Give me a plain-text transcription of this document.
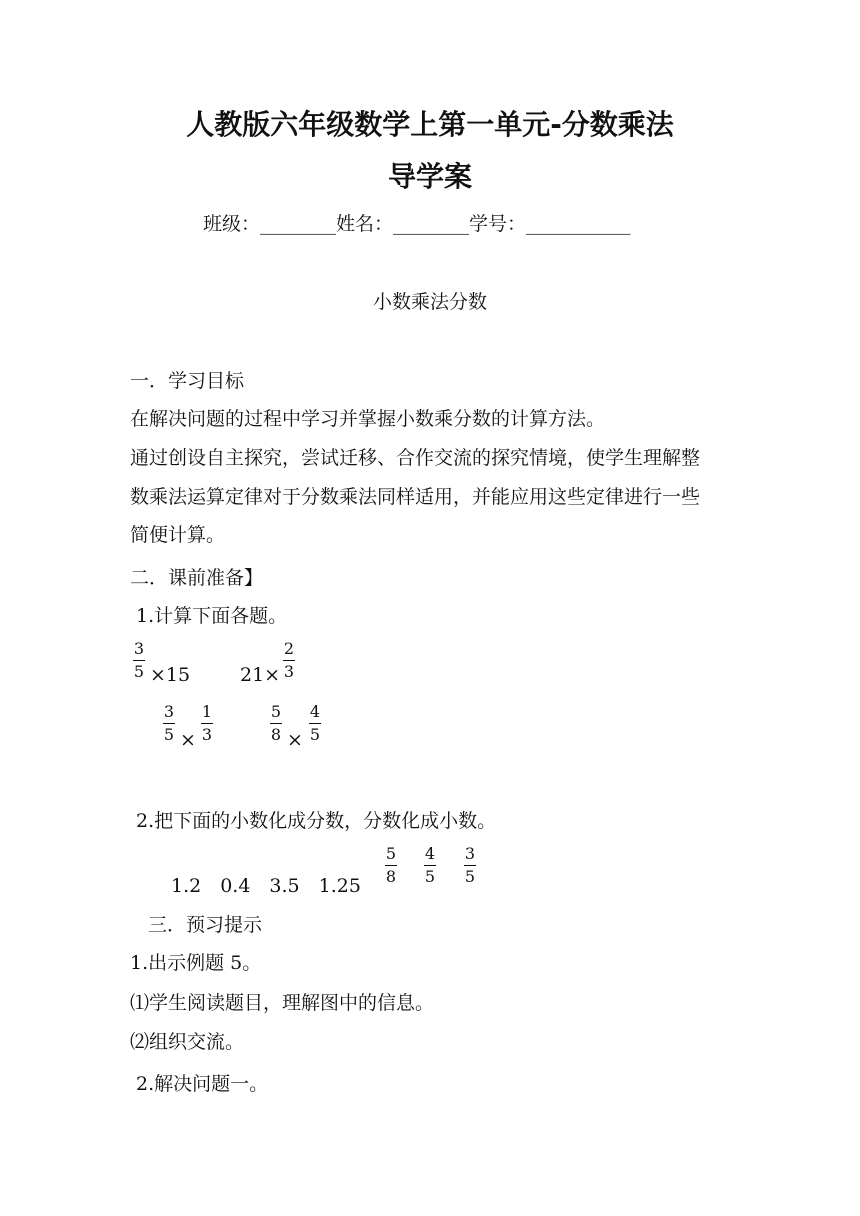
人教版六年级数学上第一单元-分数乘法
导学案
班级：________姓名：________学号：___________
小数乘法分数
一．学习目标
在解决问题的过程中学习并掌握小数乘分数的计算方法。
通过创设自主探究，尝试迁移、合作交流的探究情境，使学生理解整
数乘法运算定律对于分数乘法同样适用，并能应用这些定律进行一些
简便计算。
二．课前准备】
1.计算下面各题。
3
5 ×15	21×
2
3
3
5 ×
1
3
5
8 ×
4
5
2.把下面的小数化成分数，分数化成小数。
1.2　0.4　3.5　1.25
5
8
4
5
3
5
三．预习提示
1.出示例题 5。
⑴学生阅读题目，理解图中的信息。
⑵组织交流。
2.解决问题一。
